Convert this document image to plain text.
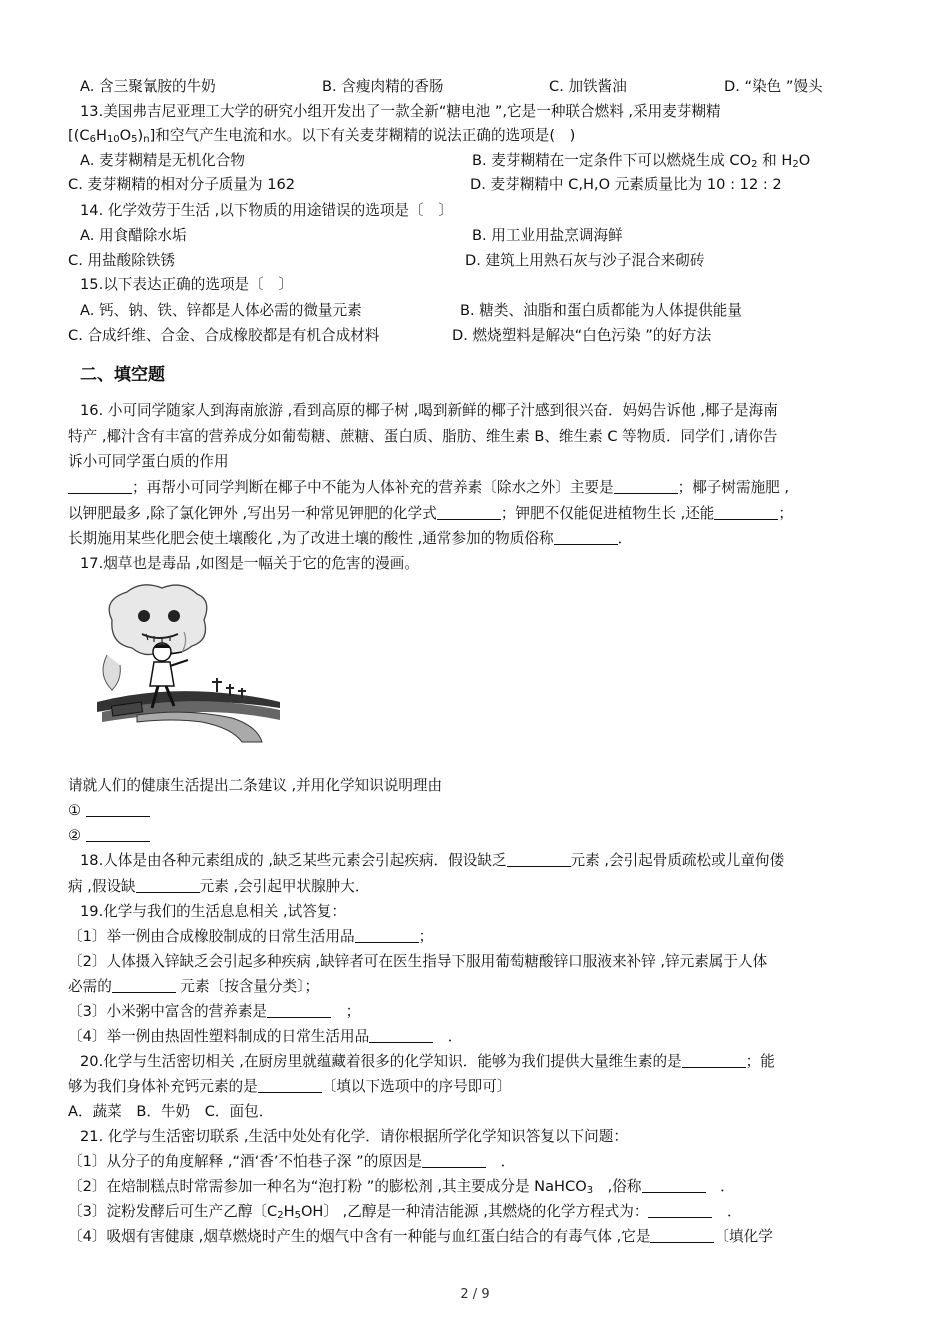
A. 含三聚氰胺的牛奶	B. 含瘦肉精的香肠	C. 加铁酱油	D. “染色 ”馒头
13.美国弗吉尼亚理工大学的研究小组开发出了一款全新“糖电池 ”,它是一种联合燃料 ,采用麦芽糊精
$[(C_6H_{10}O_5)_n]$和空气产生电流和水。以下有关麦芽糊精的说法正确的选项是(　)
A. 麦芽糊精是无机化合物	B. 麦芽糊精在一定条件下可以燃烧生成 $CO_2$ 和 $H_2O$
C. 麦芽糊精的相对分子质量为 162	D. 麦芽糊精中 C,H,O 元素质量比为 10 : 12 : 2
14. 化学效劳于生活 ,以下物质的用途错误的选项是〔　〕
A. 用食醋除水垢	B. 用工业用盐烹调海鲜
C. 用盐酸除铁锈	D. 建筑上用熟石灰与沙子混合来砌砖
15.以下表达正确的选项是〔　〕
A. 钙、钠、铁、锌都是人体必需的微量元素	B. 糖类、油脂和蛋白质都能为人体提供能量
C. 合成纤维、合金、合成橡胶都是有机合成材料	D. 燃烧塑料是解决“白色污染 ”的好方法
二、填空题
16. 小可同学随家人到海南旅游 ,看到高原的椰子树 ,喝到新鲜的椰子汁感到很兴奋．妈妈告诉他 ,椰子是海南
特产 ,椰汁含有丰富的营养成分如葡萄糖、蔗糖、蛋白质、脂肪、维生素 B、维生素 C 等物质．同学们 ,请你告
诉小可同学蛋白质的作用
；再帮小可同学判断在椰子中不能为人体补充的营养素〔除水之外〕主要是	；椰子树需施肥 ,
以钾肥最多 ,除了氯化钾外 ,写出另一种常见钾肥的化学式	；钾肥不仅能促进植物生长 ,还能	；
长期施用某些化肥会使土壤酸化 ,为了改进土壤的酸性 ,通常参加的物质俗称	．
17.烟草也是毒品 ,如图是一幅关于它的危害的漫画。
请就人们的健康生活提出二条建议 ,并用化学知识说明理由
①
②
18.人体是由各种元素组成的 ,缺乏某些元素会引起疾病．假设缺乏	元素 ,会引起骨质疏松或儿童佝偻
病 ,假设缺	元素 ,会引起甲状腺肿大．
19.化学与我们的生活息息相关 ,试答复：
〔1〕举一例由合成橡胶制成的日常生活用品	；
〔2〕人体摄入锌缺乏会引起多种疾病 ,缺锌者可在医生指导下服用葡萄糖酸锌口服液来补锌 ,锌元素属于人体
必需的	元素〔按含量分类〕；
〔3〕小米粥中富含的营养素是	　；
〔4〕举一例由热固性塑料制成的日常生活用品	　．
20.化学与生活密切相关 ,在厨房里就蕴藏着很多的化学知识．能够为我们提供大量维生素的是	；能
够为我们身体补充钙元素的是	〔填以下选项中的序号即可〕
A．蔬菜　B．牛奶　C．面包．
21. 化学与生活密切联系 ,生活中处处有化学．请你根据所学化学知识答复以下问题：
〔1〕从分子的角度解释 ,“酒‘香’不怕巷子深 ”的原因是	　．
〔2〕在焙制糕点时常需参加一种名为“泡打粉 ”的膨松剂 ,其主要成分是 NaHCO$_3$　,俗称	　．
〔3〕淀粉发酵后可生产乙醇〔$C_2H_5OH$〕 ,乙醇是一种清洁能源 ,其燃烧的化学方程式为：	　．
〔4〕吸烟有害健康 ,烟草燃烧时产生的烟气中含有一种能与血红蛋白结合的有毒气体 ,它是	〔填化学
2 / 9
